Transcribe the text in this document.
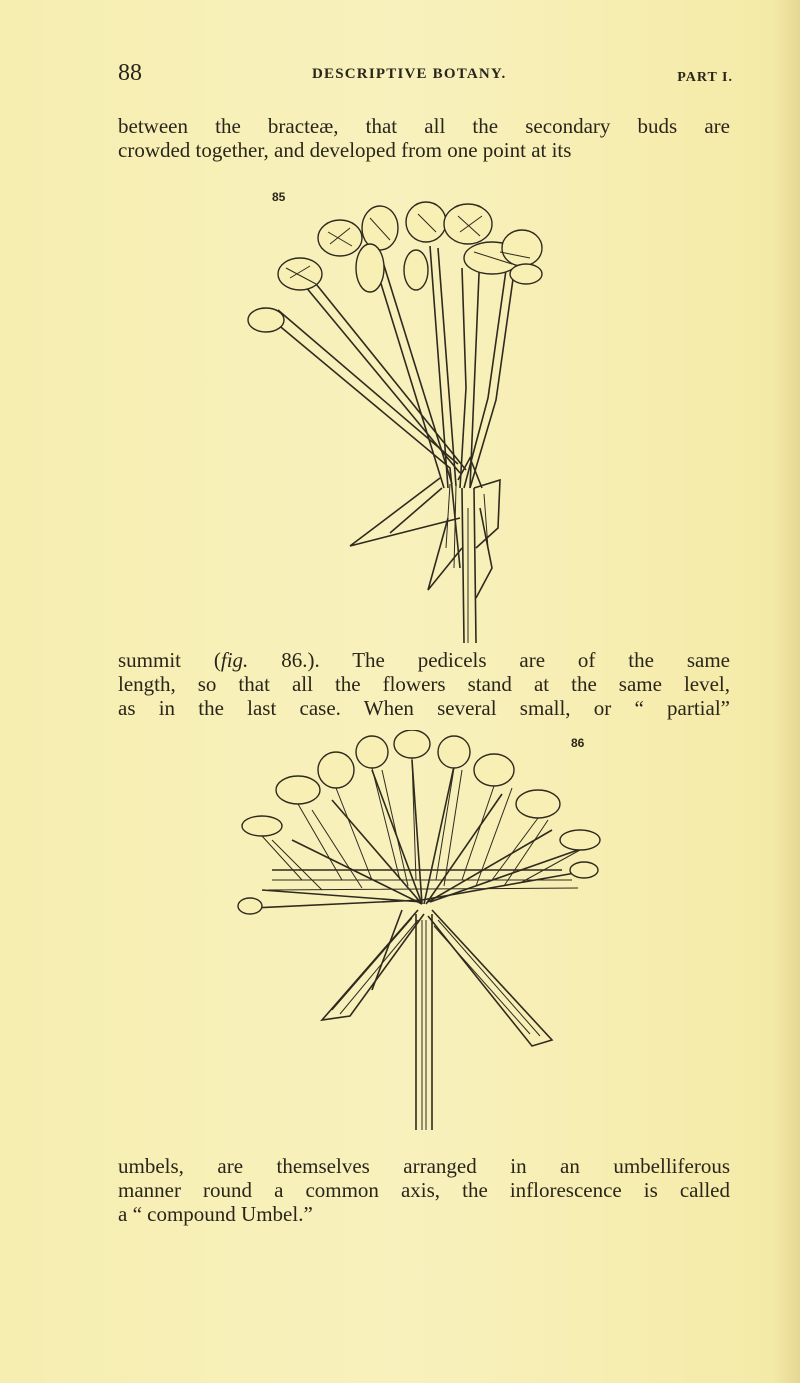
88	DESCRIPTIVE BOTANY.	PART I.

between the bracteæ, that all the secondary buds are
crowded together, and developed from one point at its

85

summit (fig. 86.). The pedicels are of the same
length, so that all the flowers stand at the same level,
as in the last case. When several small, or “ partial”

86

umbels, are themselves arranged in an umbelliferous
manner round a common axis, the inflorescence is called
a “ compound Umbel.”
